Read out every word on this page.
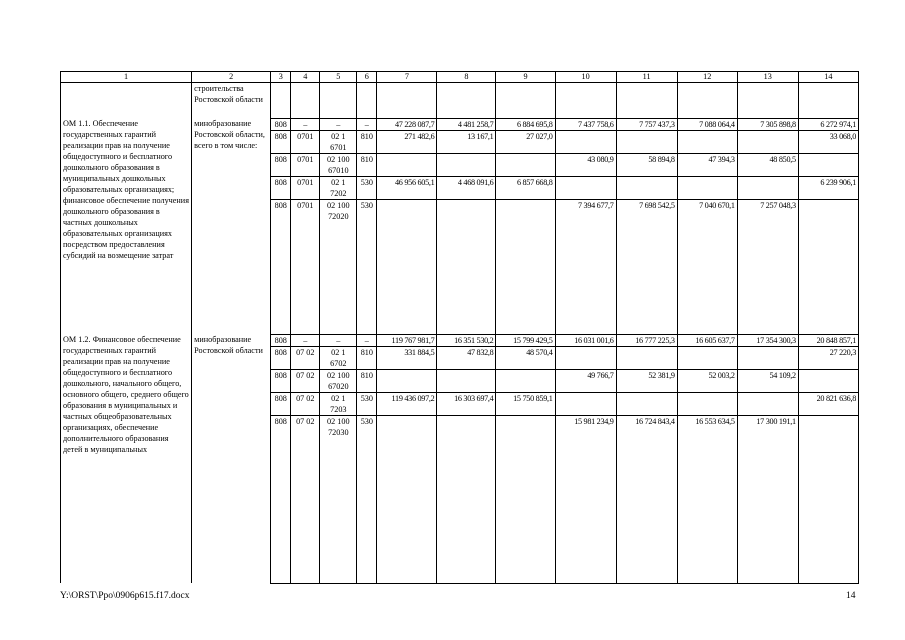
1	2	3	4	5	6	7	8	9	10	11	12	13	14
	строительства Ростовской области												
ОМ 1.1. Обеспечение государственных гарантий реализации прав на получение общедоступного и бесплатного дошкольного образования в муниципальных дошкольных образовательных организациях; финансовое обеспечение получения дошкольного образования в частных дошкольных образовательных организациях посредством предоставления субсидий на возмещение затрат	минобразование Ростовской области, всего в том числе:	808	–	–	–	47 228 087,7	4 481 258,7	6 884 695,8	7 437 758,6	7 757 437,3	7 088 064,4	7 305 898,8	6 272 974,1
		808	0701	02 1 6701	810	271 482,6	13 167,1	27 027,0					33 068,0
		808	0701	02 100 67010	810				43 080,9	58 894,8	47 394,3	48 850,5	
		808	0701	02 1 7202	530	46 956 605,1	4 468 091,6	6 857 668,8					6 239 906,1
		808	0701	02 100 72020	530				7 394 677,7	7 698 542,5	7 040 670,1	7 257 048,3	
ОМ 1.2. Финансовое обеспечение государственных гарантий реализации прав на получение общедоступного и бесплатного дошкольного, начального общего, основного общего, среднего общего образования в муниципальных и частных общеобразовательных организациях, обеспечение дополнительного образования детей в муниципальных	минобразование Ростовской области	808	–	–	–	119 767 981,7	16 351 530,2	15 799 429,5	16 031 001,6	16 777 225,3	16 605 637,7	17 354 300,3	20 848 857,1
		808	07 02	02 1 6702	810	331 884,5	47 832,8	48 570,4					27 220,3
		808	07 02	02 100 67020	810				49 766,7	52 381,9	52 003,2	54 109,2	
		808	07 02	02 1 7203	530	119 436 097,2	16 303 697,4	15 750 859,1					20 821 636,8
		808	07 02	02 100 72030	530				15 981 234,9	16 724 843,4	16 553 634,5	17 300 191,1	
Y:\ORST\Ppo\0906p615.f17.docx	14
